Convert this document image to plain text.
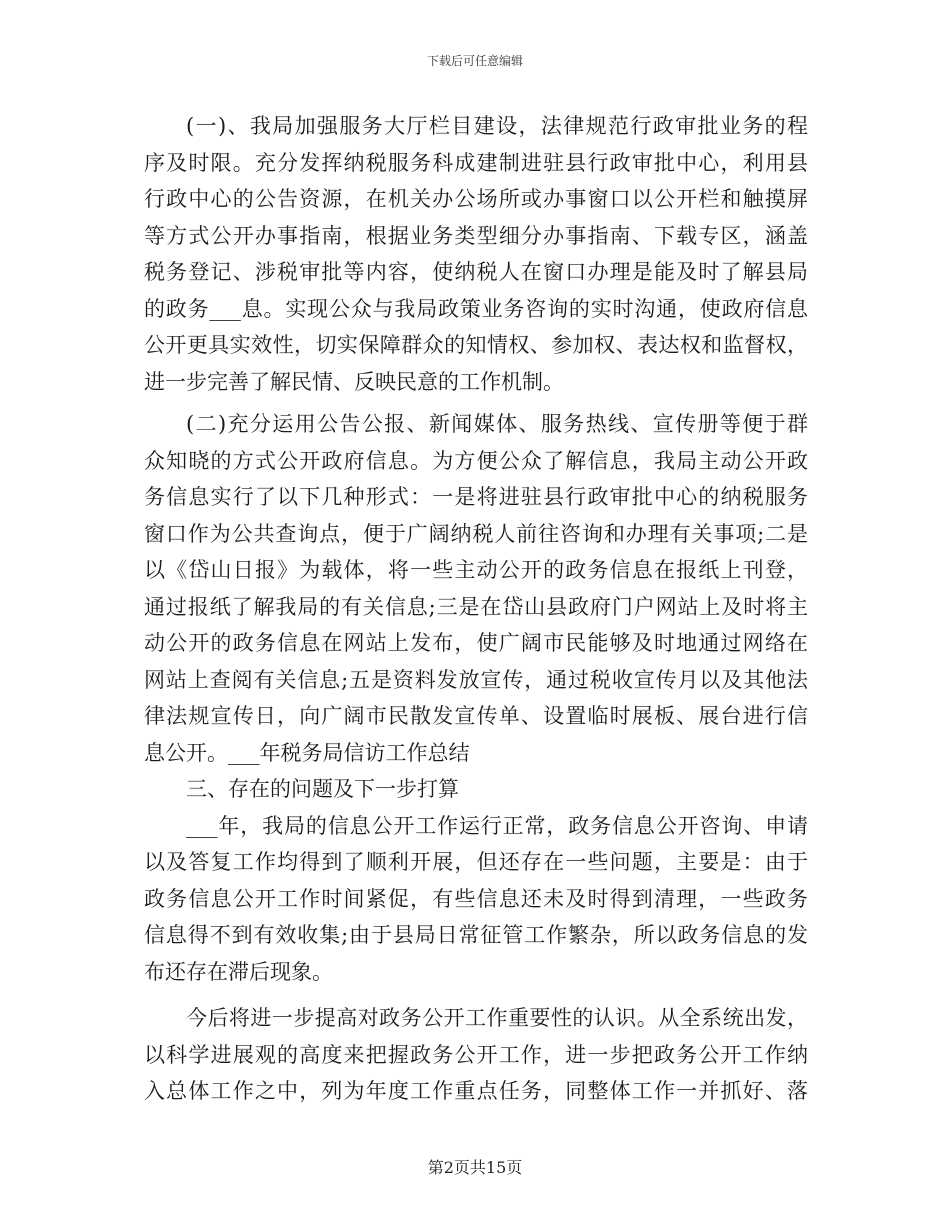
下载后可任意编辑
(一)、我局加强服务大厅栏目建设，法律规范行政审批业务的程
序及时限。充分发挥纳税服务科成建制进驻县行政审批中心，利用县
行政中心的公告资源，在机关办公场所或办事窗口以公开栏和触摸屏
等方式公开办事指南，根据业务类型细分办事指南、下载专区，涵盖
税务登记、涉税审批等内容，使纳税人在窗口办理是能及时了解县局
的政务___息。实现公众与我局政策业务咨询的实时沟通，使政府信息
公开更具实效性，切实保障群众的知情权、参加权、表达权和监督权，
进一步完善了解民情、反映民意的工作机制。
(二)充分运用公告公报、新闻媒体、服务热线、宣传册等便于群
众知晓的方式公开政府信息。为方便公众了解信息，我局主动公开政
务信息实行了以下几种形式：一是将进驻县行政审批中心的纳税服务
窗口作为公共查询点，便于广阔纳税人前往咨询和办理有关事项;二是
以《岱山日报》为载体，将一些主动公开的政务信息在报纸上刊登，
通过报纸了解我局的有关信息;三是在岱山县政府门户网站上及时将主
动公开的政务信息在网站上发布，使广阔市民能够及时地通过网络在
网站上查阅有关信息;五是资料发放宣传，通过税收宣传月以及其他法
律法规宣传日，向广阔市民散发宣传单、设置临时展板、展台进行信
息公开。___年税务局信访工作总结
三、存在的问题及下一步打算
___年，我局的信息公开工作运行正常，政务信息公开咨询、申请
以及答复工作均得到了顺利开展，但还存在一些问题，主要是：由于
政务信息公开工作时间紧促，有些信息还未及时得到清理，一些政务
信息得不到有效收集;由于县局日常征管工作繁杂，所以政务信息的发
布还存在滞后现象。
今后将进一步提高对政务公开工作重要性的认识。从全系统出发，
以科学进展观的高度来把握政务公开工作，进一步把政务公开工作纳
入总体工作之中，列为年度工作重点任务，同整体工作一并抓好、落
第2页共15页
